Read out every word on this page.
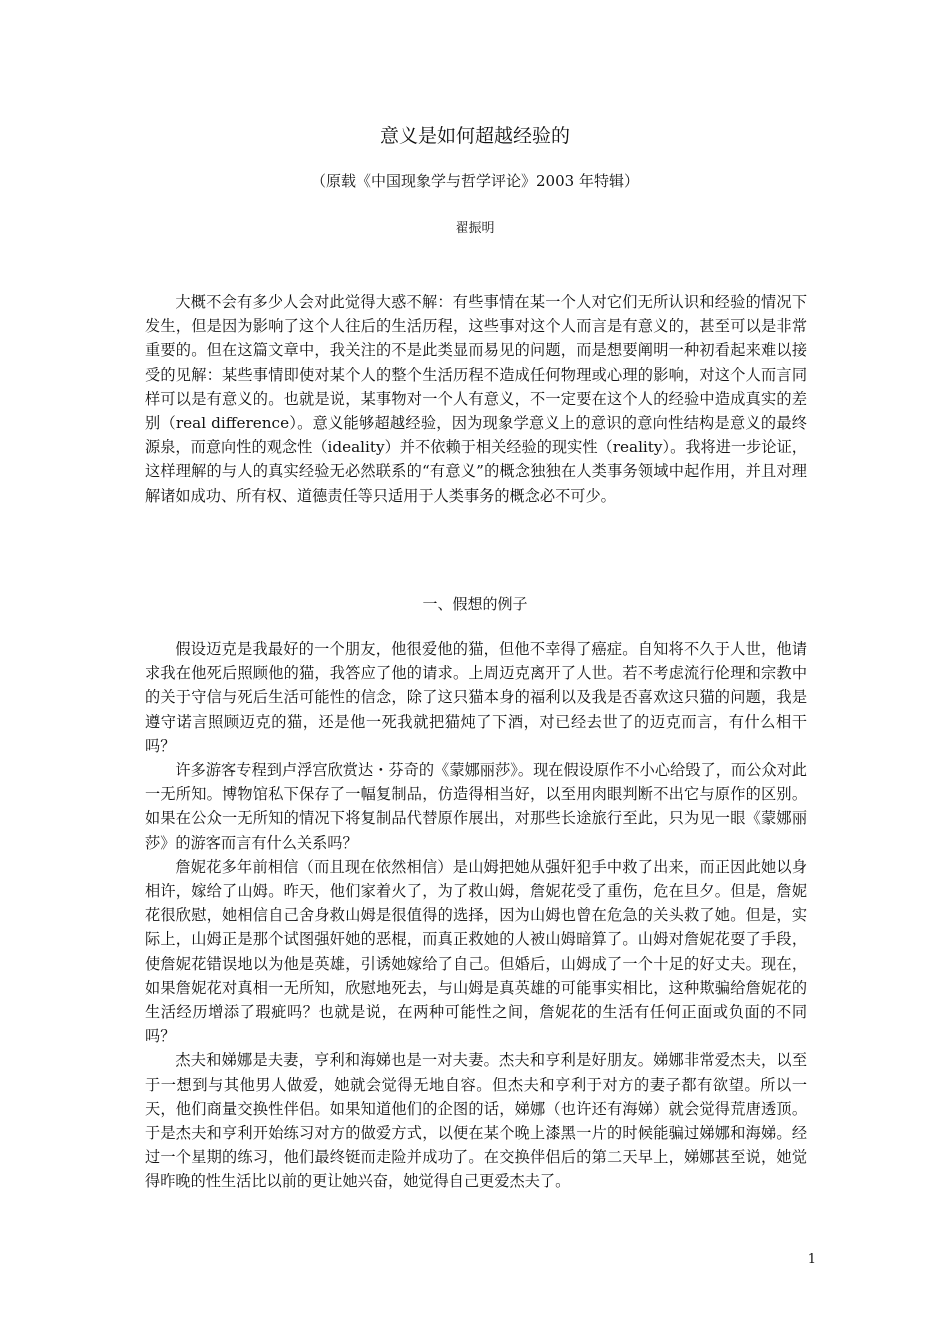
意义是如何超越经验的
（原载《中国现象学与哲学评论》2003 年特辑）
翟振明

大概不会有多少人会对此觉得大惑不解：有些事情在某一个人对它们无所认识和经验的情况下发生，但是因为影响了这个人往后的生活历程，这些事对这个人而言是有意义的，甚至可以是非常重要的。但在这篇文章中，我关注的不是此类显而易见的问题，而是想要阐明一种初看起来难以接受的见解：某些事情即使对某个人的整个生活历程不造成任何物理或心理的影响，对这个人而言同样可以是有意义的。也就是说，某事物对一个人有意义，不一定要在这个人的经验中造成真实的差别（real difference）。意义能够超越经验，因为现象学意义上的意识的意向性结构是意义的最终源泉，而意向性的观念性（ideality）并不依赖于相关经验的现实性（reality）。我将进一步论证，这样理解的与人的真实经验无必然联系的“有意义”的概念独独在人类事务领域中起作用，并且对理解诸如成功、所有权、道德责任等只适用于人类事务的概念必不可少。

一、假想的例子

假设迈克是我最好的一个朋友，他很爱他的猫，但他不幸得了癌症。自知将不久于人世，他请求我在他死后照顾他的猫，我答应了他的请求。上周迈克离开了人世。若不考虑流行伦理和宗教中的关于守信与死后生活可能性的信念，除了这只猫本身的福利以及我是否喜欢这只猫的问题，我是遵守诺言照顾迈克的猫，还是他一死我就把猫炖了下酒，对已经去世了的迈克而言，有什么相干吗？

许多游客专程到卢浮宫欣赏达・芬奇的《蒙娜丽莎》。现在假设原作不小心给毁了，而公众对此一无所知。博物馆私下保存了一幅复制品，仿造得相当好，以至用肉眼判断不出它与原作的区别。如果在公众一无所知的情况下将复制品代替原作展出，对那些长途旅行至此，只为见一眼《蒙娜丽莎》的游客而言有什么关系吗？

詹妮花多年前相信（而且现在依然相信）是山姆把她从强奸犯手中救了出来，而正因此她以身相许，嫁给了山姆。昨天，他们家着火了，为了救山姆，詹妮花受了重伤，危在旦夕。但是，詹妮花很欣慰，她相信自己舍身救山姆是很值得的选择，因为山姆也曾在危急的关头救了她。但是，实际上，山姆正是那个试图强奸她的恶棍，而真正救她的人被山姆暗算了。山姆对詹妮花耍了手段，使詹妮花错误地以为他是英雄，引诱她嫁给了自己。但婚后，山姆成了一个十足的好丈夫。现在，如果詹妮花对真相一无所知，欣慰地死去，与山姆是真英雄的可能事实相比，这种欺骗给詹妮花的生活经历增添了瑕疵吗？也就是说，在两种可能性之间，詹妮花的生活有任何正面或负面的不同吗？

杰夫和娣娜是夫妻，亨利和海娣也是一对夫妻。杰夫和亨利是好朋友。娣娜非常爱杰夫，以至于一想到与其他男人做爱，她就会觉得无地自容。但杰夫和亨利于对方的妻子都有欲望。所以一天，他们商量交换性伴侣。如果知道他们的企图的话，娣娜（也许还有海娣）就会觉得荒唐透顶。于是杰夫和亨利开始练习对方的做爱方式，以便在某个晚上漆黑一片的时候能骗过娣娜和海娣。经过一个星期的练习，他们最终铤而走险并成功了。在交换伴侣后的第二天早上，娣娜甚至说，她觉得昨晚的性生活比以前的更让她兴奋，她觉得自己更爱杰夫了。

1
